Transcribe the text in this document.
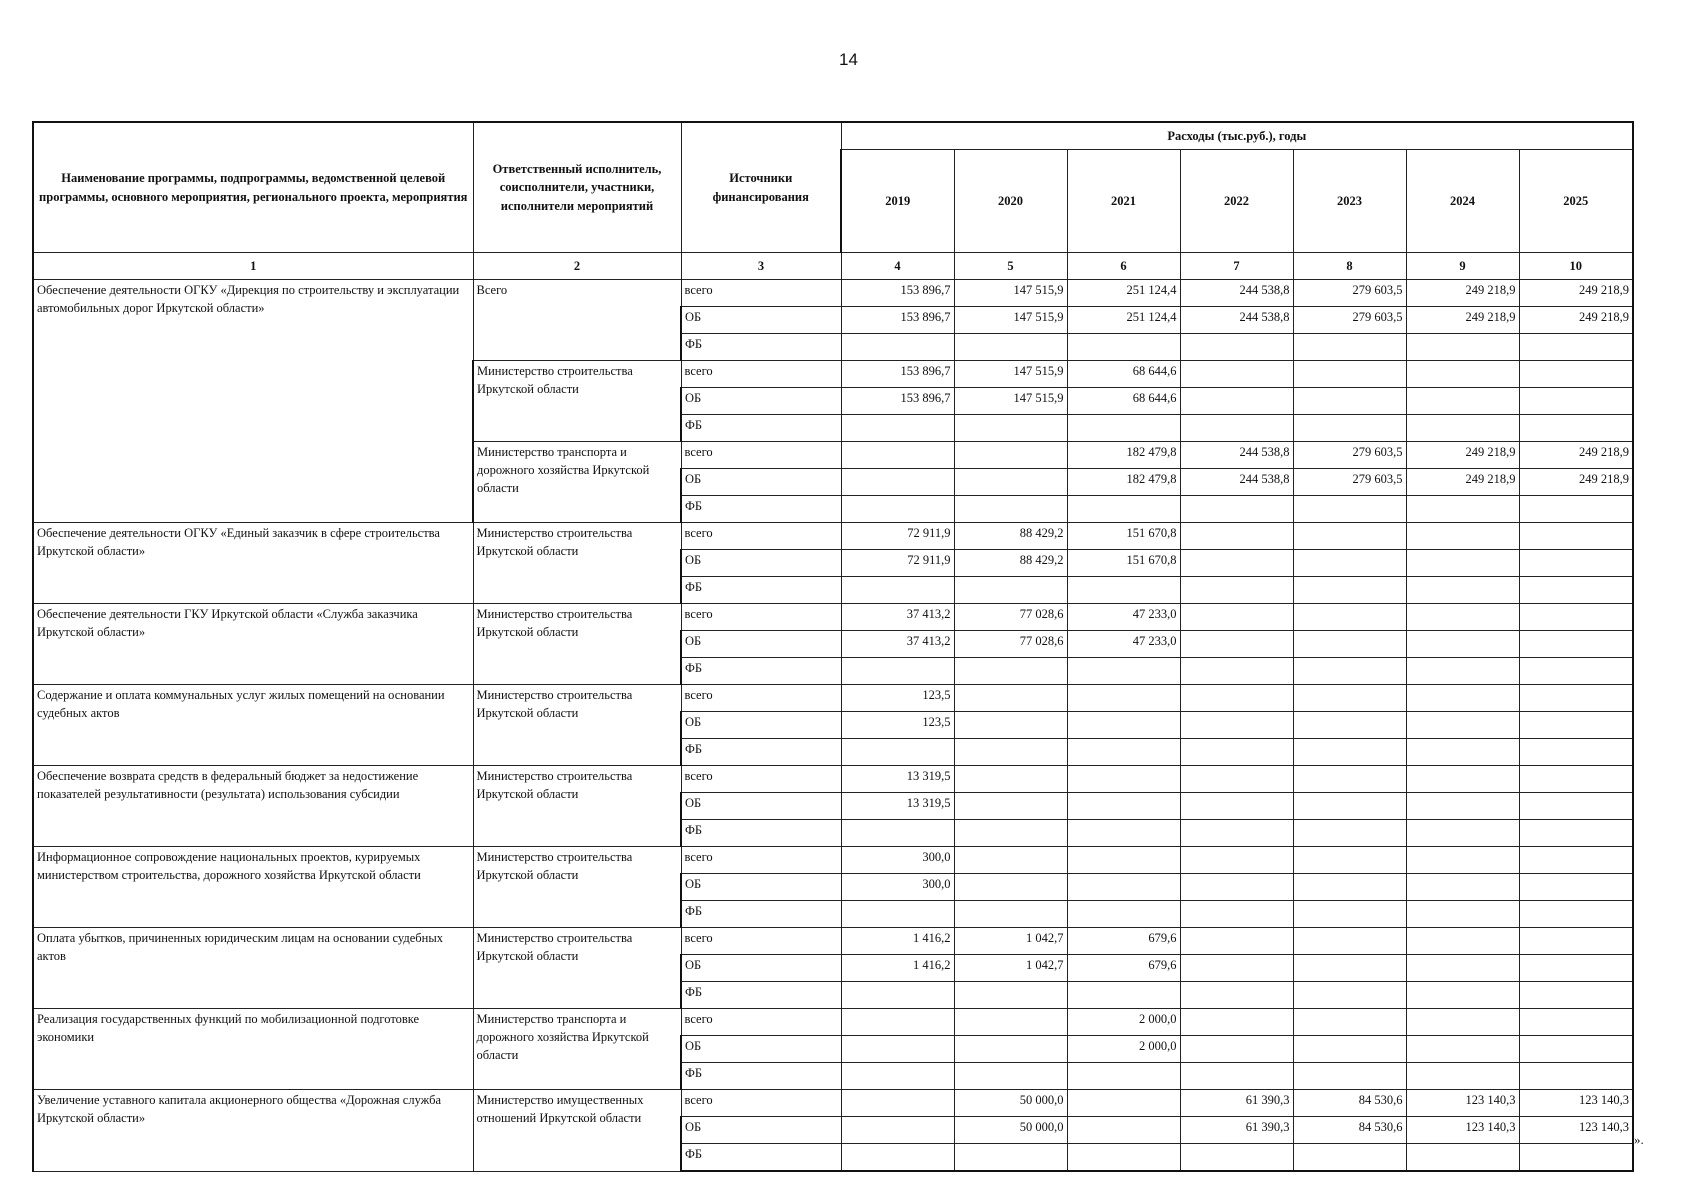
14
Наименование программы, подпрограммы, ведомственной целевой программы, основного мероприятия, регионального проекта, мероприятия	Ответственный исполнитель, соисполнители, участники, исполнители мероприятий	Источники финансирования	Расходы (тыс.руб.), годы						
			2019	2020	2021	2022	2023	2024	2025
1	2	3	4	5	6	7	8	9	10
Обеспечение деятельности ОГКУ «Дирекция по строительству и эксплуатации автомобильных дорог Иркутской области»	Всего	всего	153 896,7	147 515,9	251 124,4	244 538,8	279 603,5	249 218,9	249 218,9
		ОБ	153 896,7	147 515,9	251 124,4	244 538,8	279 603,5	249 218,9	249 218,9
		ФБ							
	Министерство строительства Иркутской области	всего	153 896,7	147 515,9	68 644,6				
		ОБ	153 896,7	147 515,9	68 644,6				
		ФБ							
	Министерство транспорта и дорожного хозяйства Иркутской области	всего			182 479,8	244 538,8	279 603,5	249 218,9	249 218,9
		ОБ			182 479,8	244 538,8	279 603,5	249 218,9	249 218,9
		ФБ							
Обеспечение деятельности ОГКУ «Единый заказчик в сфере строительства Иркутской области»	Министерство строительства Иркутской области	всего	72 911,9	88 429,2	151 670,8				
		ОБ	72 911,9	88 429,2	151 670,8				
		ФБ							
Обеспечение деятельности ГКУ Иркутской области «Служба заказчика Иркутской области»	Министерство строительства Иркутской области	всего	37 413,2	77 028,6	47 233,0				
		ОБ	37 413,2	77 028,6	47 233,0				
		ФБ							
Содержание и оплата коммунальных услуг жилых помещений на основании судебных актов	Министерство строительства Иркутской области	всего	123,5						
		ОБ	123,5						
		ФБ							
Обеспечение возврата средств в федеральный бюджет за недостижение показателей результативности (результата) использования субсидии	Министерство строительства Иркутской области	всего	13 319,5						
		ОБ	13 319,5						
		ФБ							
Информационное сопровождение национальных проектов, курируемых министерством строительства, дорожного хозяйства Иркутской области	Министерство строительства Иркутской области	всего	300,0						
		ОБ	300,0						
		ФБ							
Оплата убытков, причиненных юридическим лицам на основании судебных актов	Министерство строительства Иркутской области	всего	1 416,2	1 042,7	679,6				
		ОБ	1 416,2	1 042,7	679,6				
		ФБ							
Реализация государственных функций по мобилизационной подготовке экономики	Министерство транспорта и дорожного хозяйства Иркутской области	всего			2 000,0				
		ОБ			2 000,0				
		ФБ							
Увеличение уставного капитала акционерного общества «Дорожная служба Иркутской области»	Министерство имущественных отношений Иркутской области	всего		50 000,0		61 390,3	84 530,6	123 140,3	123 140,3
		ОБ		50 000,0		61 390,3	84 530,6	123 140,3	123 140,3
		ФБ							
».
